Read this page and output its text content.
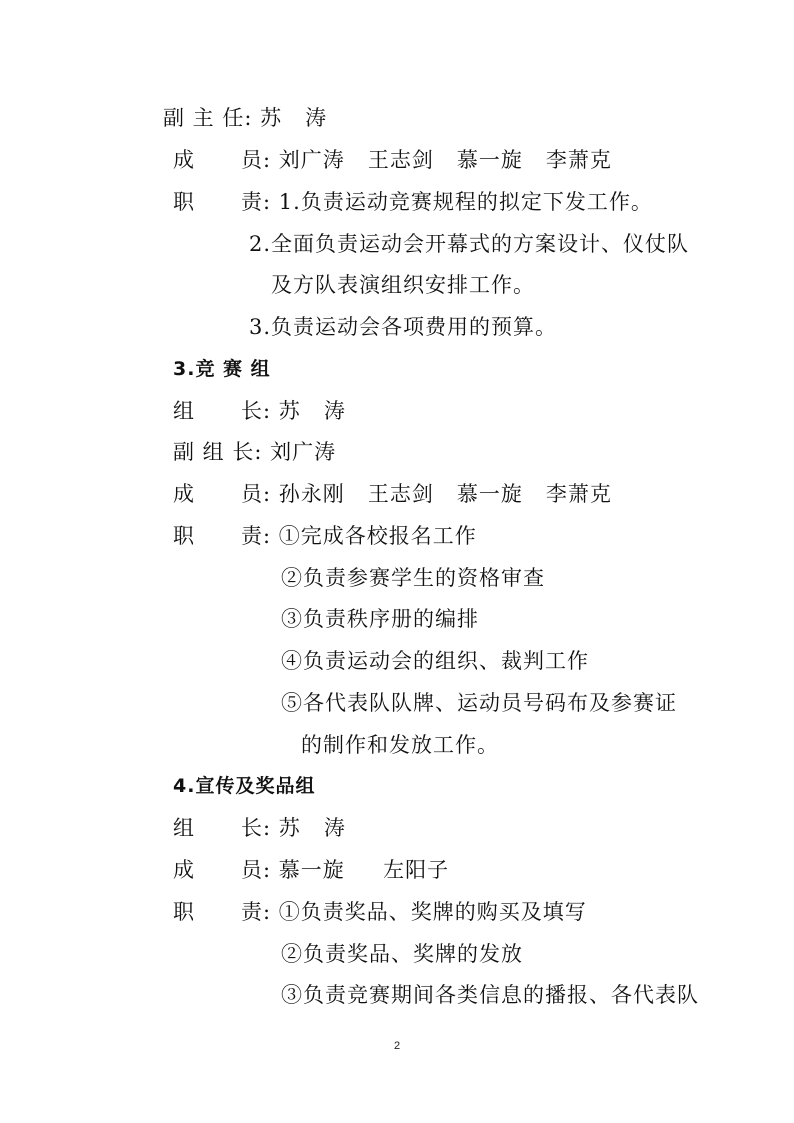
副 主 任: 苏   涛
成      员: 刘广涛   王志剑   慕一旋   李萧克
职      责: 1.负责运动竞赛规程的拟定下发工作。
2.全面负责运动会开幕式的方案设计、仪仗队
及方队表演组织安排工作。
3.负责运动会各项费用的预算。
3.竞 赛 组
组      长: 苏   涛
副 组 长: 刘广涛
成      员: 孙永刚   王志剑   慕一旋   李萧克
职      责: ①完成各校报名工作
②负责参赛学生的资格审查
③负责秩序册的编排
④负责运动会的组织、裁判工作
⑤各代表队队牌、运动员号码布及参赛证
的制作和发放工作。
4.宣传及奖品组
组      长: 苏   涛
成      员: 慕一旋     左阳子
职      责: ①负责奖品、奖牌的购买及填写
②负责奖品、奖牌的发放
③负责竞赛期间各类信息的播报、各代表队
2
